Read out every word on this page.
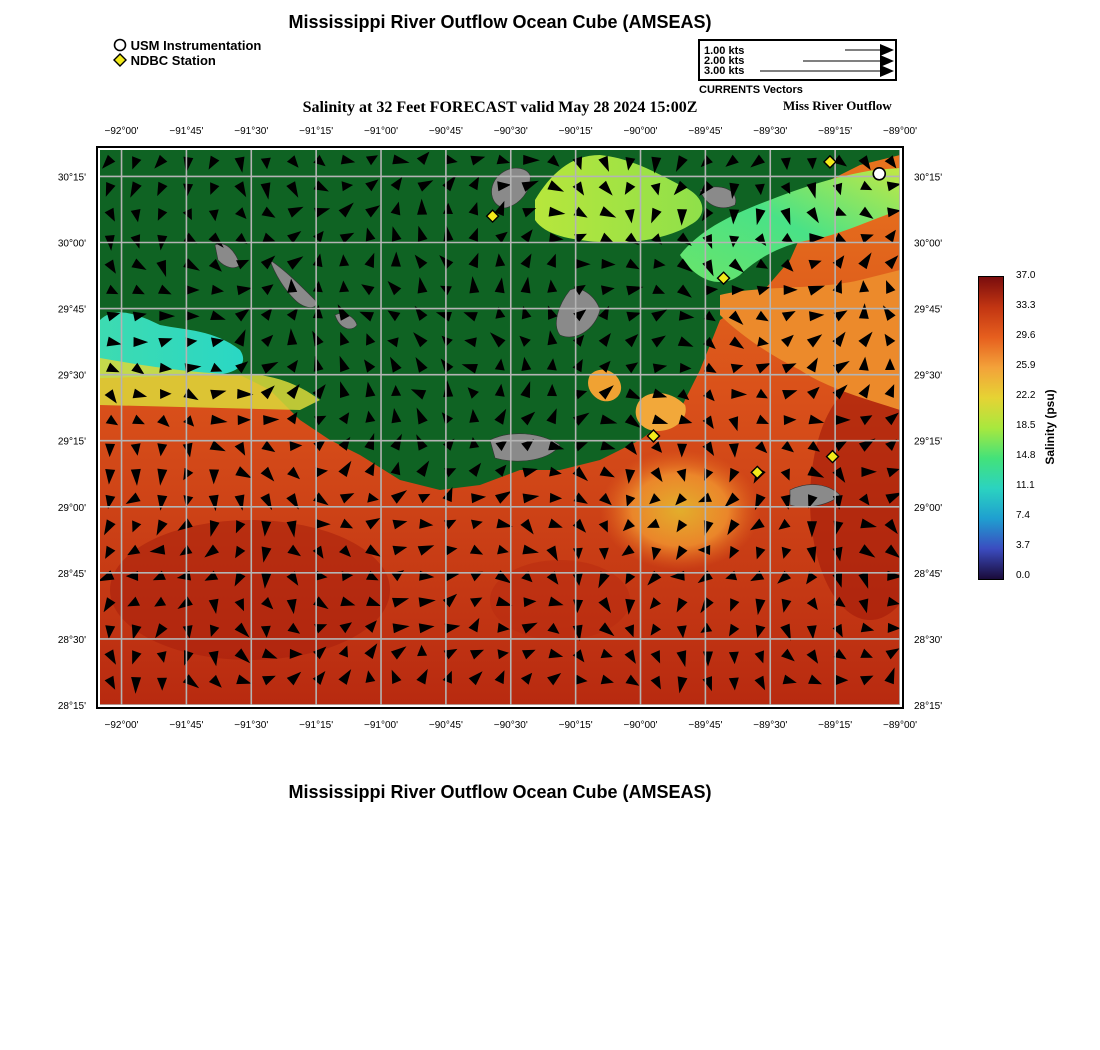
Mississippi River Outflow Ocean Cube (AMSEAS)
USM Instrumentation
NDBC Station
1.00 kts
2.00 kts
3.00 kts
CURRENTS Vectors
Salinity at 32 Feet FORECAST valid May 28 2024 15:00Z	Miss River Outflow
−92°00'	−91°45'	−91°30'	−91°15'	−91°00'	−90°45'	−90°30'	−90°15'	−90°00'	−89°45'	−89°30'	−89°15'	−89°00'
−92°00'	−91°45'	−91°30'	−91°15'	−91°00'	−90°45'	−90°30'	−90°15'	−90°00'	−89°45'	−89°30'	−89°15'	−89°00'
30°15'
30°00'
29°45'
29°30'
29°15'
29°00'
28°45'
28°30'
28°15'
30°15'
30°00'
29°45'
29°30'
29°15'
29°00'
28°45'
28°30'
28°15'
37.0
33.3
29.6
25.9
22.2
18.5
14.8
11.1
7.4
3.7
0.0
Salinity (psu)
Mississippi River Outflow Ocean Cube (AMSEAS)
